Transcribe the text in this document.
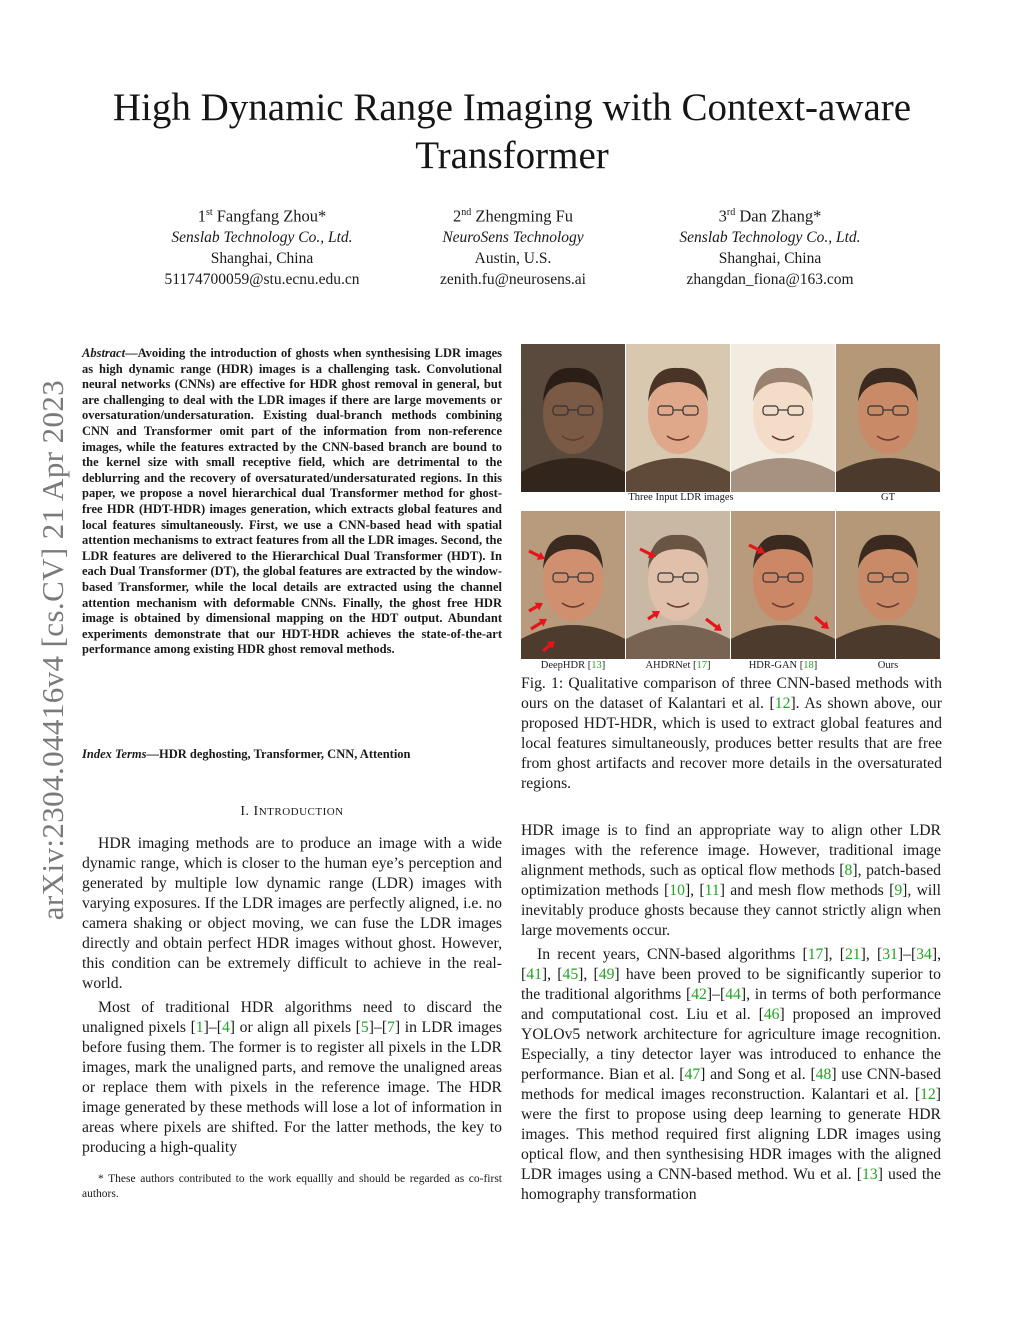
arXiv:2304.04416v4 [cs.CV] 21 Apr 2023
High Dynamic Range Imaging with Context-aware Transformer
1st Fangfang Zhou*
Senslab Technology Co., Ltd.
Shanghai, China
51174700059@stu.ecnu.edu.cn
2nd Zhengming Fu
NeuroSens Technology
Austin, U.S.
zenith.fu@neurosens.ai
3rd Dan Zhang*
Senslab Technology Co., Ltd.
Shanghai, China
zhangdan_fiona@163.com
Abstract—Avoiding the introduction of ghosts when synthesising LDR images as high dynamic range (HDR) images is a challenging task. Convolutional neural networks (CNNs) are effective for HDR ghost removal in general, but are challenging to deal with the LDR images if there are large movements or oversaturation/undersaturation. Existing dual-branch methods combining CNN and Transformer omit part of the information from non-reference images, while the features extracted by the CNN-based branch are bound to the kernel size with small receptive field, which are detrimental to the deblurring and the recovery of oversaturated/undersaturated regions. In this paper, we propose a novel hierarchical dual Transformer method for ghost-free HDR (HDT-HDR) images generation, which extracts global features and local features simultaneously. First, we use a CNN-based head with spatial attention mechanisms to extract features from all the LDR images. Second, the LDR features are delivered to the Hierarchical Dual Transformer (HDT). In each Dual Transformer (DT), the global features are extracted by the window-based Transformer, while the local details are extracted using the channel attention mechanism with deformable CNNs. Finally, the ghost free HDR image is obtained by dimensional mapping on the HDT output. Abundant experiments demonstrate that our HDT-HDR achieves the state-of-the-art performance among existing HDR ghost removal methods.
Index Terms—HDR deghosting, Transformer, CNN, Attention
I. INTRODUCTION

HDR imaging methods are to produce an image with a wide dynamic range, which is closer to the human eye’s perception and generated by multiple low dynamic range (LDR) images with varying exposures. If the LDR images are perfectly aligned, i.e. no camera shaking or object moving, we can fuse the LDR images directly and obtain perfect HDR images without ghost. However, this condition can be extremely difficult to achieve in the real-world.

Most of traditional HDR algorithms need to discard the unaligned pixels [1]–[4] or align all pixels [5]–[7] in LDR images before fusing them. The former is to register all pixels in the LDR images, mark the unaligned parts, and remove the unaligned areas or replace them with pixels in the reference image. The HDR image generated by these methods will lose a lot of information in areas where pixels are shifted. For the latter methods, the key to producing a high-quality

* These authors contributed to the work equallly and should be regarded as co-first authors.
Three Input LDR images	GT
DeepHDR [13]	AHDRNet [17]	HDR-GAN [18]	Ours
Fig. 1: Qualitative comparison of three CNN-based methods with ours on the dataset of Kalantari et al. [12]. As shown above, our proposed HDT-HDR, which is used to extract global features and local features simultaneously, produces better results that are free from ghost artifacts and recover more details in the oversaturated regions.

HDR image is to find an appropriate way to align other LDR images with the reference image. However, traditional image alignment methods, such as optical flow methods [8], patch-based optimization methods [10], [11] and mesh flow methods [9], will inevitably produce ghosts because they cannot strictly align when large movements occur.

In recent years, CNN-based algorithms [17], [21], [31]–[34], [41], [45], [49] have been proved to be significantly superior to the traditional algorithms [42]–[44], in terms of both performance and computational cost. Liu et al. [46] proposed an improved YOLOv5 network architecture for agriculture image recognition. Especially, a tiny detector layer was introduced to enhance the performance. Bian et al. [47] and Song et al. [48] use CNN-based methods for medical images reconstruction. Kalantari et al. [12] were the first to propose using deep learning to generate HDR images. This method required first aligning LDR images using optical flow, and then synthesising HDR images with the aligned LDR images using a CNN-based method. Wu et al. [13] used the homography transformation
